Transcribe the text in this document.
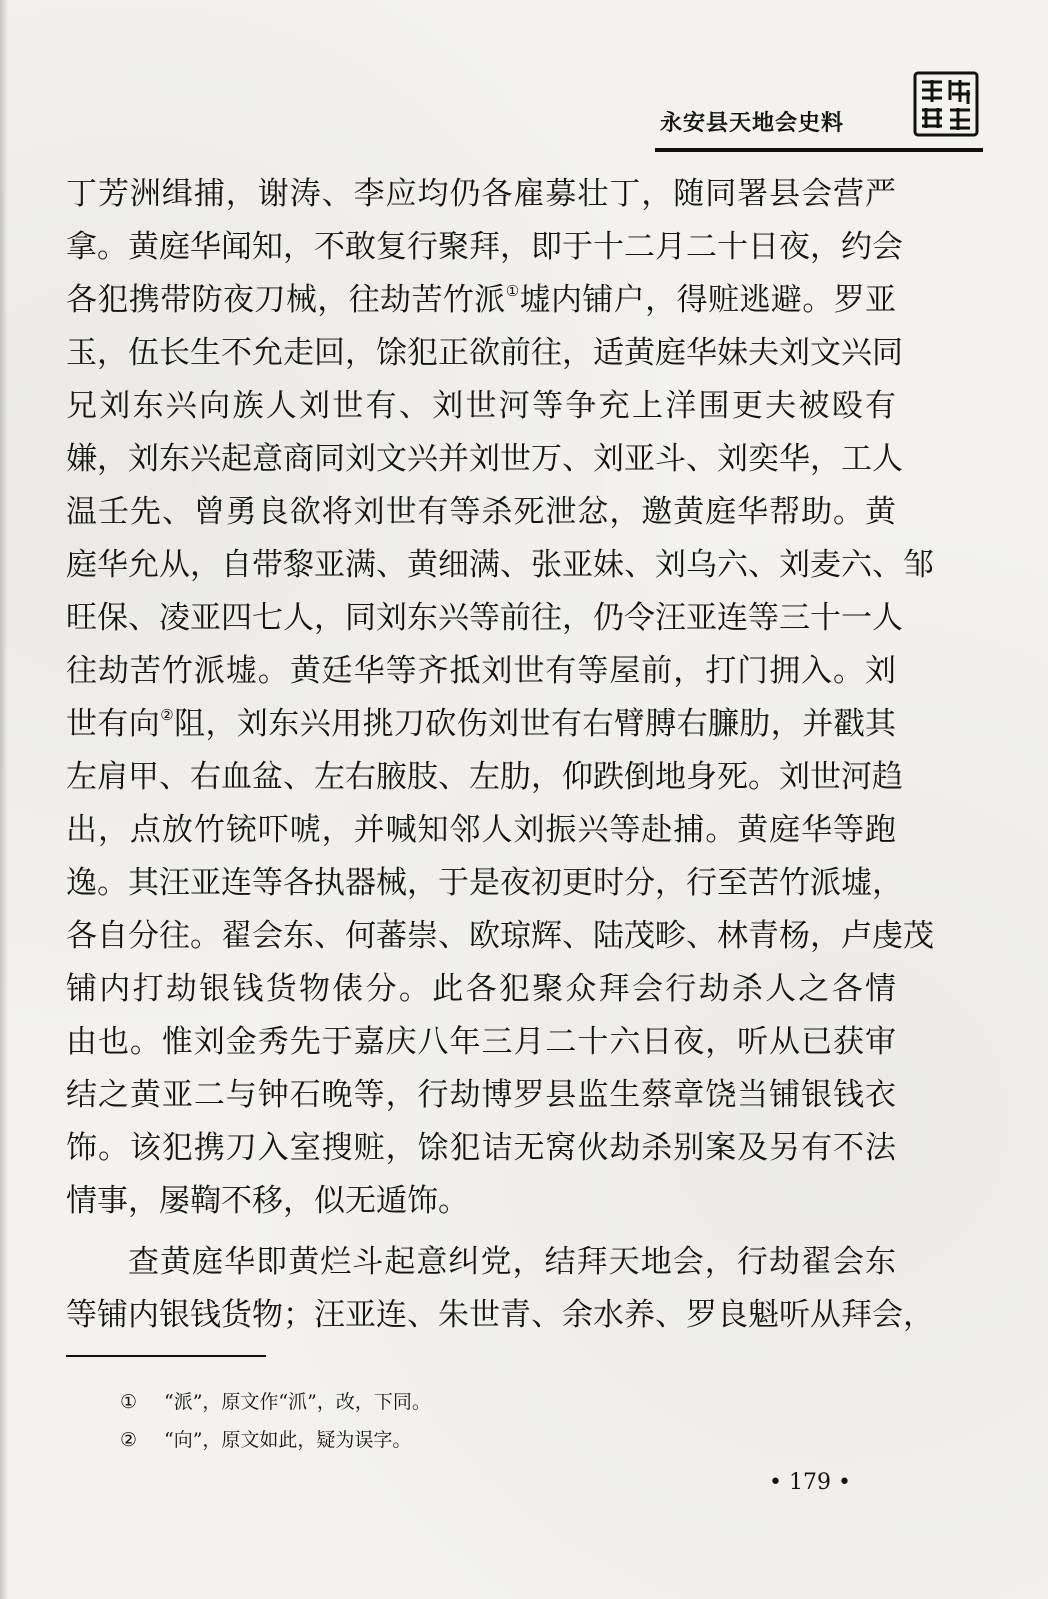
永安县天地会史料
丁芳洲缉捕，谢涛、李应均仍各雇募壮丁，随同署县会营严
拿。黄庭华闻知，不敢复行聚拜，即于十二月二十日夜，约会
各犯携带防夜刀械，往劫苦竹派①墟内铺户，得赃逃避。罗亚
玉，伍长生不允走回，馀犯正欲前往，适黄庭华妹夫刘文兴同
兄刘东兴向族人刘世有、刘世河等争充上洋围更夫被殴有
嫌，刘东兴起意商同刘文兴并刘世万、刘亚斗、刘奕华，工人
温壬先、曾勇良欲将刘世有等杀死泄忿，邀黄庭华帮助。黄
庭华允从，自带黎亚满、黄细满、张亚妹、刘乌六、刘麦六、邹
旺保、凌亚四七人，同刘东兴等前往，仍令汪亚连等三十一人
往劫苦竹派墟。黄廷华等齐抵刘世有等屋前，打门拥入。刘
世有向②阻，刘东兴用挑刀砍伤刘世有右臂膊右臁肋，并戳其
左肩甲、右血盆、左右腋肢、左肋，仰跌倒地身死。刘世河趋
出，点放竹铳吓唬，并喊知邻人刘振兴等赴捕。黄庭华等跑
逸。其汪亚连等各执器械，于是夜初更时分，行至苦竹派墟，
各自分往。翟会东、何蕃崇、欧琼辉、陆茂畛、林青杨，卢虔茂
铺内打劫银钱货物俵分。此各犯聚众拜会行劫杀人之各情
由也。惟刘金秀先于嘉庆八年三月二十六日夜，听从已获审
结之黄亚二与钟石晚等，行劫博罗县监生蔡章饶当铺银钱衣
饰。该犯携刀入室搜赃，馀犯诘无窝伙劫杀别案及另有不法
情事，屡鞫不移，似无遁饰。
查黄庭华即黄烂斗起意纠党，结拜天地会，行劫翟会东
等铺内银钱货物；汪亚连、朱世青、余水养、罗良魁听从拜会，
① “派”，原文作“沠”，改，下同。
② “向”，原文如此，疑为误字。
• 179 •
